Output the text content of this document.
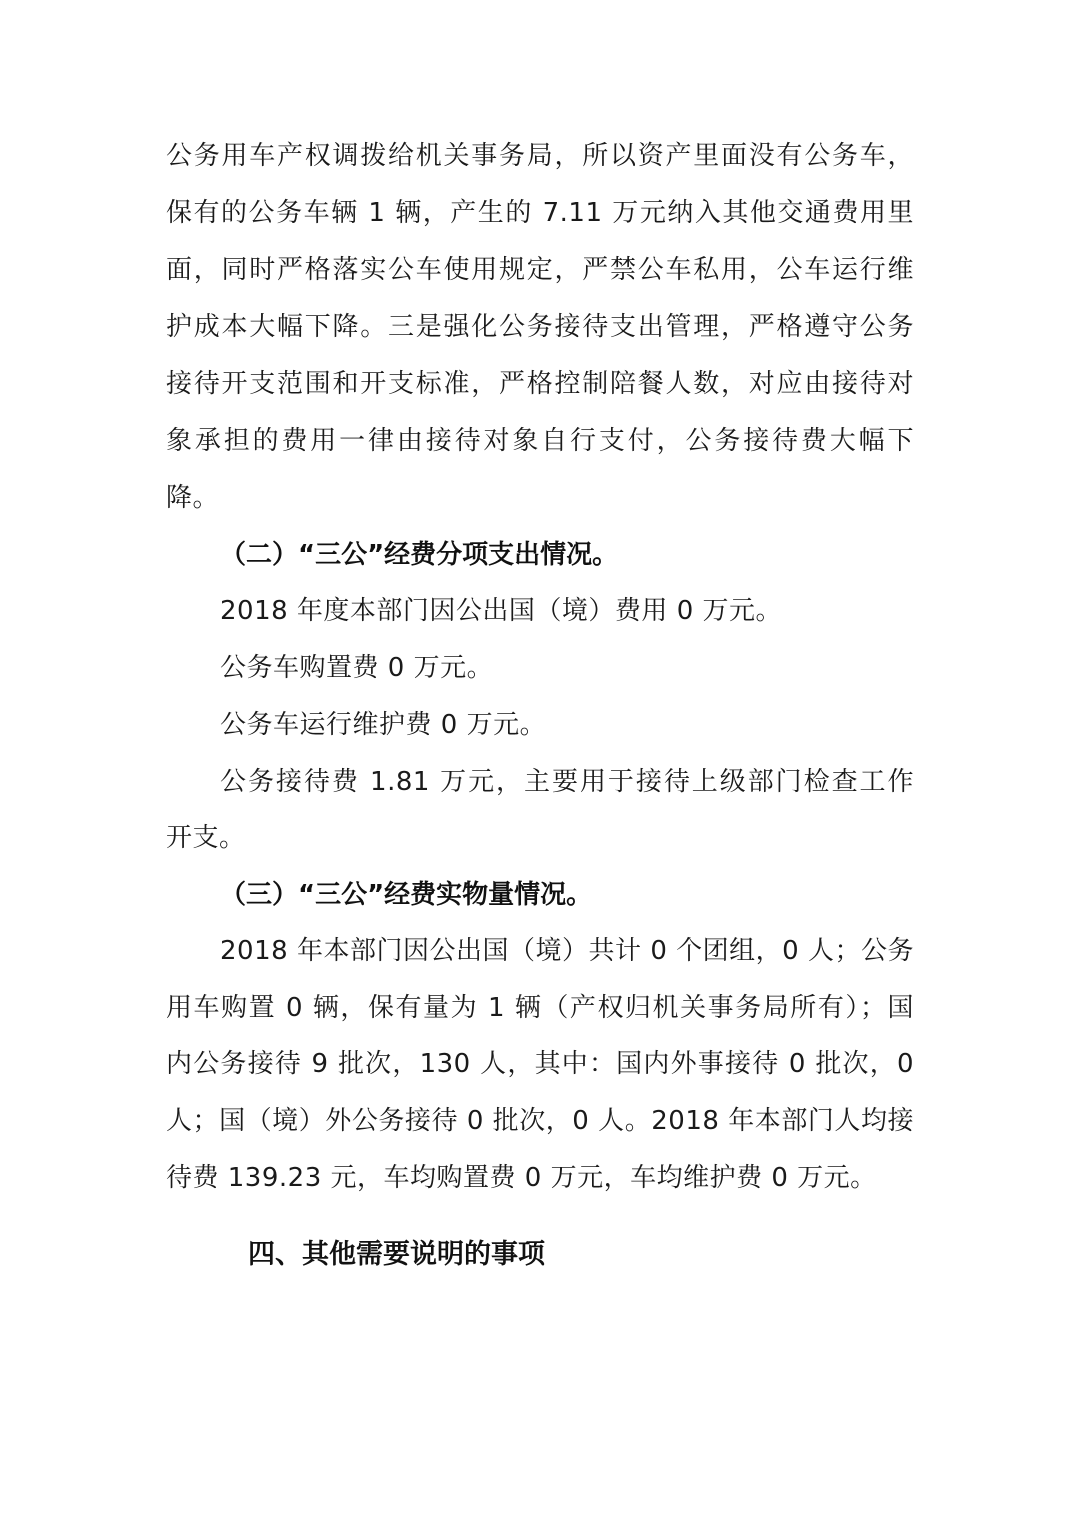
公务用车产权调拨给机关事务局，所以资产里面没有公务车，
保有的公务车辆 1 辆，产生的 7.11 万元纳入其他交通费用里
面，同时严格落实公车使用规定，严禁公车私用，公车运行维
护成本大幅下降。三是强化公务接待支出管理，严格遵守公务
接待开支范围和开支标准，严格控制陪餐人数，对应由接待对
象承担的费用一律由接待对象自行支付，公务接待费大幅下
降。
（二）“三公”经费分项支出情况。
2018 年度本部门因公出国（境）费用 0 万元。
公务车购置费 0 万元。
公务车运行维护费 0 万元。
公务接待费 1.81 万元，主要用于接待上级部门检查工作
开支。
（三）“三公”经费实物量情况。
2018 年本部门因公出国（境）共计 0 个团组，0 人；公务
用车购置 0 辆，保有量为 1 辆（产权归机关事务局所有）；国
内公务接待 9 批次，130 人，其中：国内外事接待 0 批次，0
人；国（境）外公务接待 0 批次，0 人。2018 年本部门人均接
待费 139.23 元，车均购置费 0 万元，车均维护费 0 万元。
四、其他需要说明的事项
